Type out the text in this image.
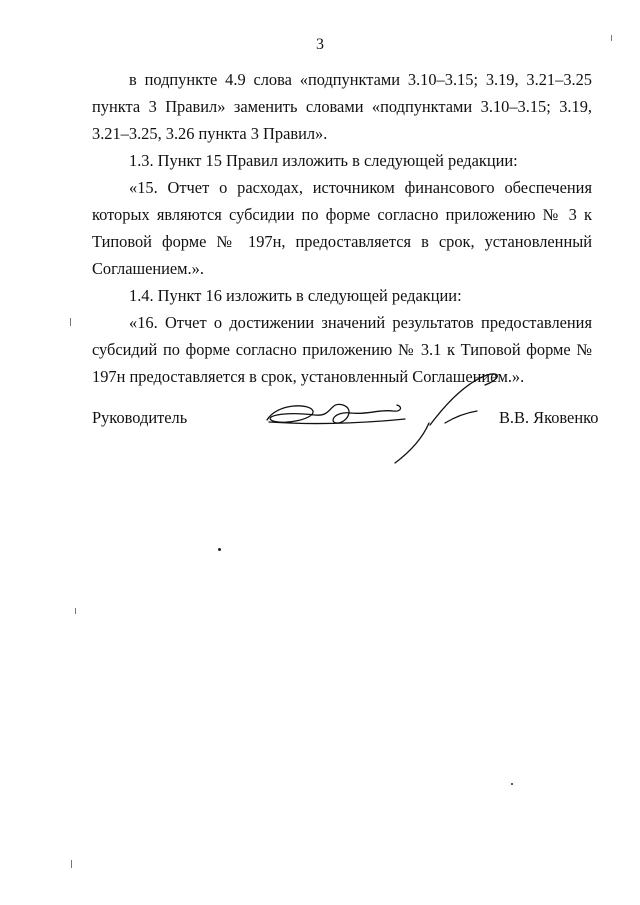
3

в подпункте 4.9 слова «подпунктами 3.10–3.15; 3.19, 3.21–3.25 пункта 3 Правил» заменить словами «подпунктами 3.10–3.15; 3.19, 3.21–3.25, 3.26 пункта 3 Правил».

1.3. Пункт 15 Правил изложить в следующей редакции:

«15. Отчет о расходах, источником финансового обеспечения которых являются субсидии по форме согласно приложению № 3 к Типовой форме № 197н, предоставляется в срок, установленный Соглашением.».

1.4. Пункт 16 изложить в следующей редакции:

«16. Отчет о достижении значений результатов предоставления субсидий по форме согласно приложению № 3.1 к Типовой форме № 197н предоставляется в срок, установленный Соглашением.».

Руководитель	В.В. Яковенко
